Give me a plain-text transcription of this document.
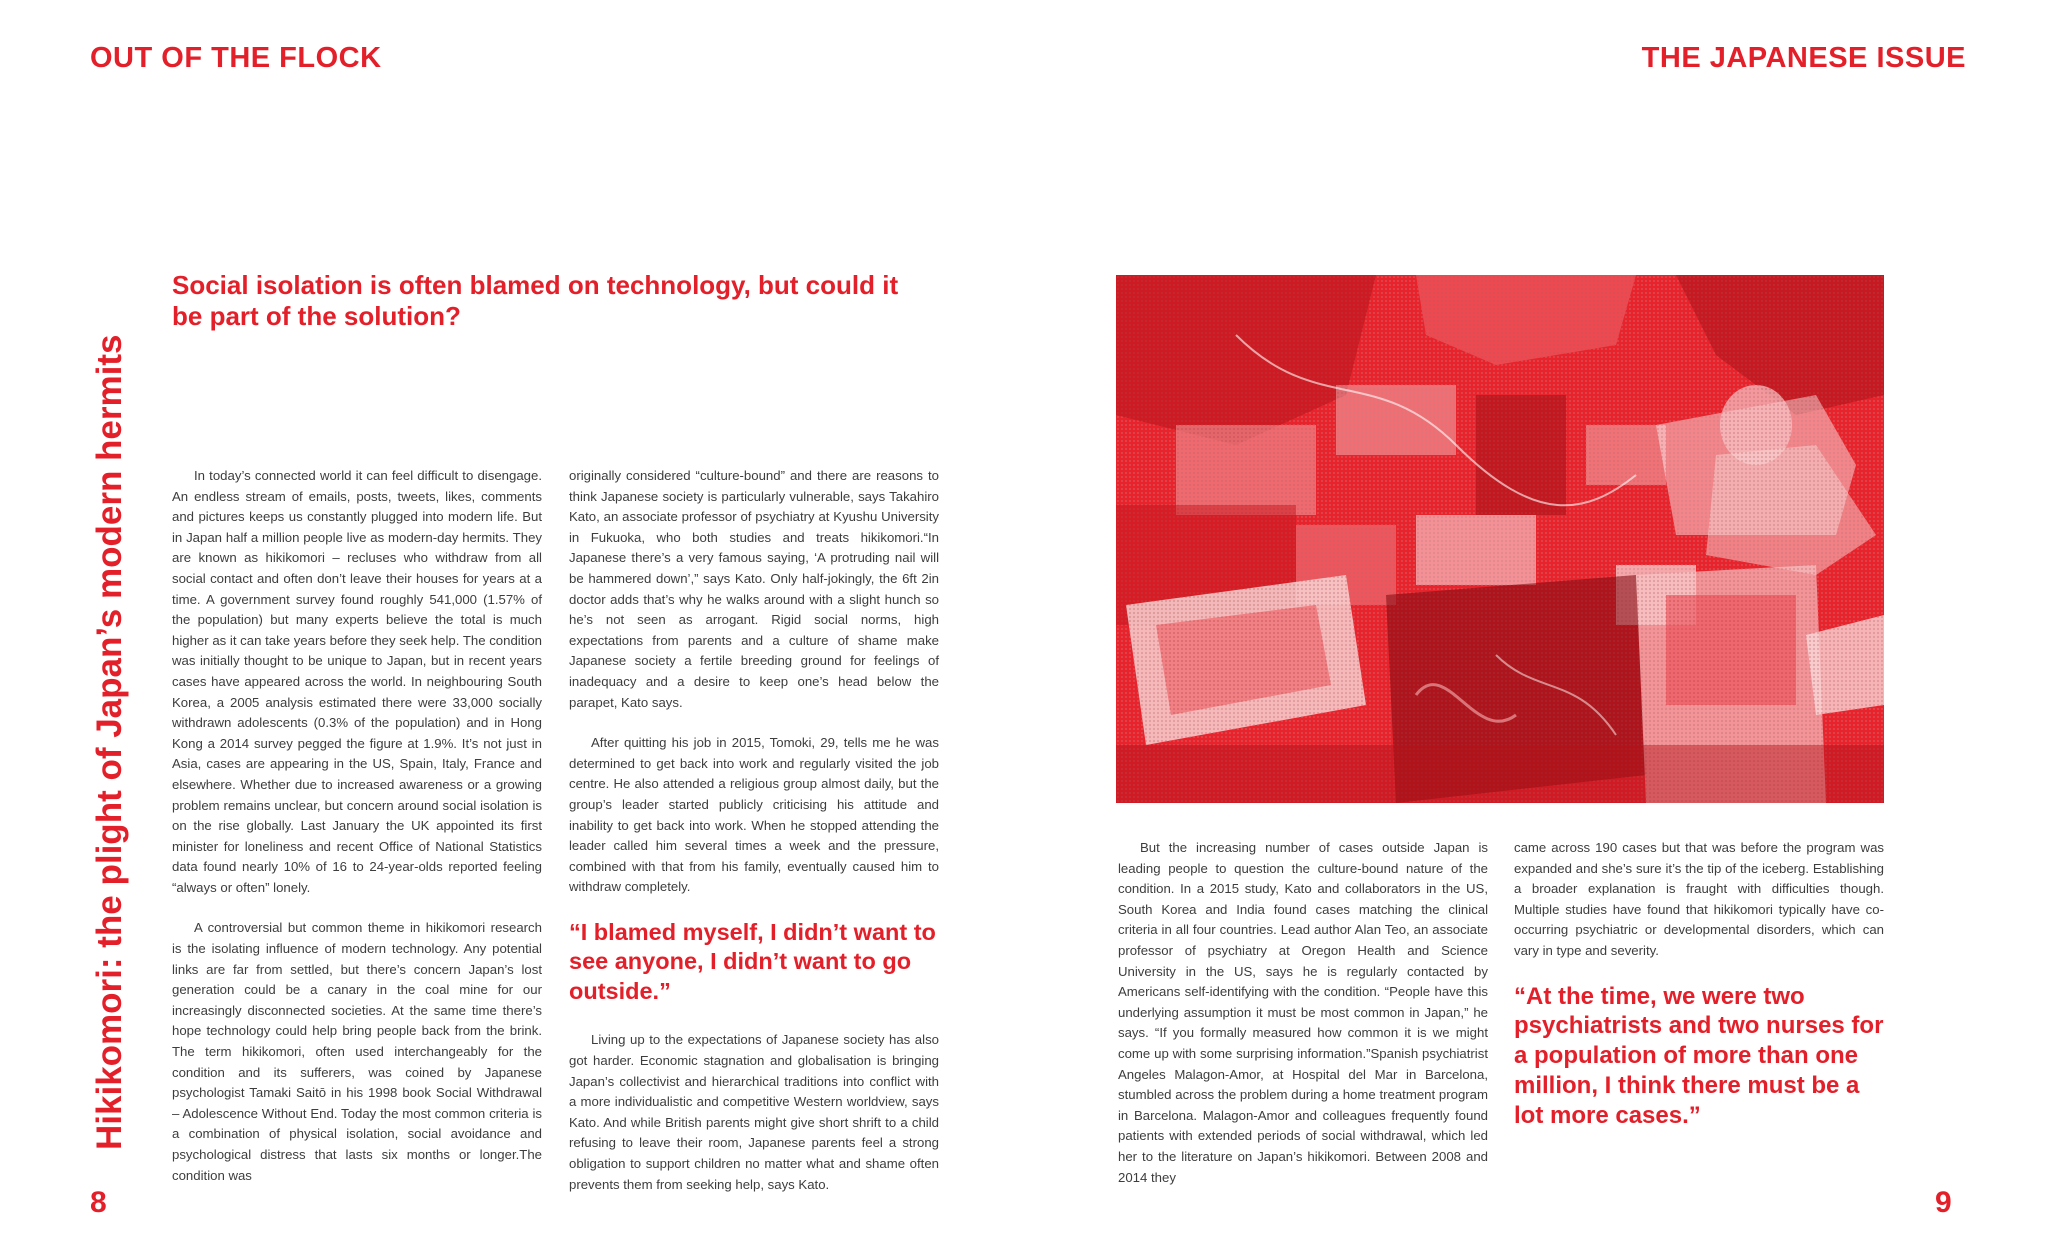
OUT OF THE FLOCK	THE JAPANESE ISSUE
Hikikomori: the plight of Japan’s modern hermits
Social isolation is often blamed on technology, but could it be part of the solution?

In today’s connected world it can feel difficult to disengage. An endless stream of emails, posts, tweets, likes, comments and pictures keeps us constantly plugged into modern life. But in Japan half a million people live as modern-day hermits. They are known as hikikomori – recluses who withdraw from all social contact and often don’t leave their houses for years at a time. A government survey found roughly 541,000 (1.57% of the population) but many experts believe the total is much higher as it can take years before they seek help. The condition was initially thought to be unique to Japan, but in recent years cases have appeared across the world. In neighbouring South Korea, a 2005 analysis estimated there were 33,000 socially withdrawn adolescents (0.3% of the population) and in Hong Kong a 2014 survey pegged the figure at 1.9%. It’s not just in Asia, cases are appearing in the US, Spain, Italy, France and elsewhere. Whether due to increased awareness or a growing problem remains unclear, but concern around social isolation is on the rise globally. Last January the UK appointed its first minister for loneliness and recent Office of National Statistics data found nearly 10% of 16 to 24-year-olds reported feeling “always or often” lonely.

A controversial but common theme in hikikomori research is the isolating influence of modern technology. Any potential links are far from settled, but there’s concern Japan’s lost generation could be a canary in the coal mine for our increasingly disconnected societies. At the same time there’s hope technology could help bring people back from the brink. The term hikikomori, often used interchangeably for the condition and its sufferers, was coined by Japanese psychologist Tamaki Saitō in his 1998 book Social Withdrawal – Adolescence Without End. Today the most common criteria is a combination of physical isolation, social avoidance and psychological distress that lasts six months or longer.The condition was

originally considered “culture-bound” and there are reasons to think Japanese society is particularly vulnerable, says Takahiro Kato, an associate professor of psychiatry at Kyushu University in Fukuoka, who both studies and treats hikikomori.“In Japanese there’s a very famous saying, ‘A protruding nail will be hammered down’,” says Kato. Only half-jokingly, the 6ft 2in doctor adds that’s why he walks around with a slight hunch so he’s not seen as arrogant. Rigid social norms, high expectations from parents and a culture of shame make Japanese society a fertile breeding ground for feelings of inadequacy and a desire to keep one’s head below the parapet, Kato says.

After quitting his job in 2015, Tomoki, 29, tells me he was determined to get back into work and regularly visited the job centre. He also attended a religious group almost daily, but the group’s leader started publicly criticising his attitude and inability to get back into work. When he stopped attending the leader called him several times a week and the pressure, combined with that from his family, eventually caused him to withdraw completely.

“I blamed myself, I didn’t want to see anyone, I didn’t want to go outside.”

Living up to the expectations of Japanese society has also got harder. Economic stagnation and globalisation is bringing Japan’s collectivist and hierarchical traditions into conflict with a more individualistic and competitive Western worldview, says Kato. And while British parents might give short shrift to a child refusing to leave their room, Japanese parents feel a strong obligation to support children no matter what and shame often prevents them from seeking help, says Kato.

But the increasing number of cases outside Japan is leading people to question the culture-bound nature of the condition. In a 2015 study, Kato and collaborators in the US, South Korea and India found cases matching the clinical criteria in all four countries. Lead author Alan Teo, an associate professor of psychiatry at Oregon Health and Science University in the US, says he is regularly contacted by Americans self-identifying with the condition. “People have this underlying assumption it must be most common in Japan,” he says. “If you formally measured how common it is we might come up with some surprising information.”Spanish psychiatrist Angeles Malagon-Amor, at Hospital del Mar in Barcelona, stumbled across the problem during a home treatment program in Barcelona. Malagon-Amor and colleagues frequently found patients with extended periods of social withdrawal, which led her to the literature on Japan’s hikikomori. Between 2008 and 2014 they

came across 190 cases but that was before the program was expanded and she’s sure it’s the tip of the iceberg. Establishing a broader explanation is fraught with difficulties though. Multiple studies have found that hikikomori typically have co-occurring psychiatric or developmental disorders, which can vary in type and severity.

“At the time, we were two psychiatrists and two nurses for a population of more than one million, I think there must be a lot more cases.”
8	9
